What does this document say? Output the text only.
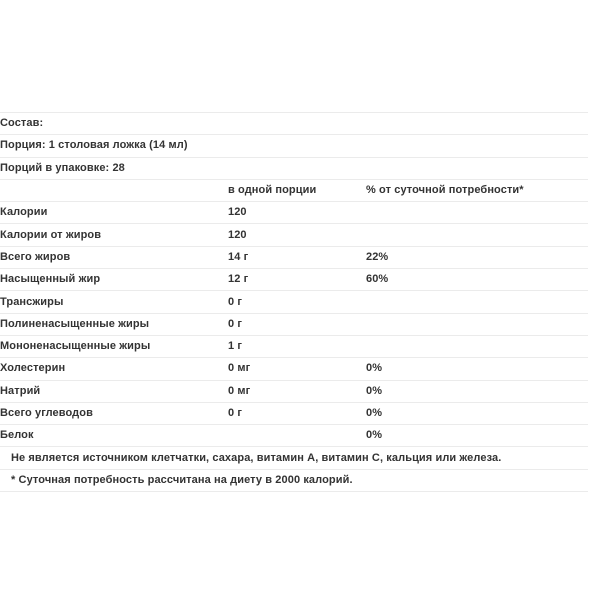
Состав:		
Порция: 1 столовая ложка (14 мл)		
Порций в упаковке: 28		
	в одной порции	% от суточной потребности*
Калории	120	
Калории от жиров	120	
Всего жиров	14 г	22%
Насыщенный жир	12 г	60%
Трансжиры	0 г	
Полиненасыщенные жиры	0 г	
Мононенасыщенные жиры	1 г	
Холестерин	0 мг	0%
Натрий	0 мг	0%
Всего углеводов	0 г	0%
Белок		0%
Не является источником клетчатки, сахара, витамин А, витамин С, кальция или железа.		
* Суточная потребность рассчитана на диету в 2000 калорий.		
